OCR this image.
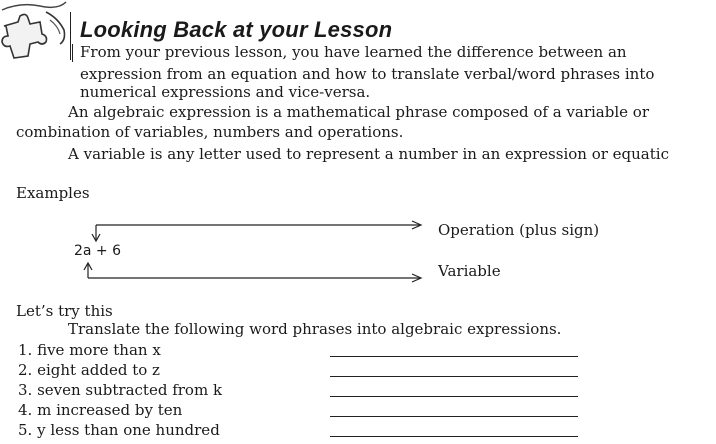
Looking Back at your Lesson
From your previous lesson, you have learned the difference between an
expression from an equation and how to translate verbal/word phrases into
numerical expressions and vice-versa.
An algebraic expression is a mathematical phrase composed of a variable or
combination of variables, numbers and operations.
A variable is any letter used to represent a number in an expression or equatic
Examples
2a + 6
Operation (plus sign)
Variable
Let’s try this
Translate the following word phrases into algebraic expressions.
1. five more than x
2. eight added to z
3. seven subtracted from k
4. m increased by ten
5. y less than one hundred
